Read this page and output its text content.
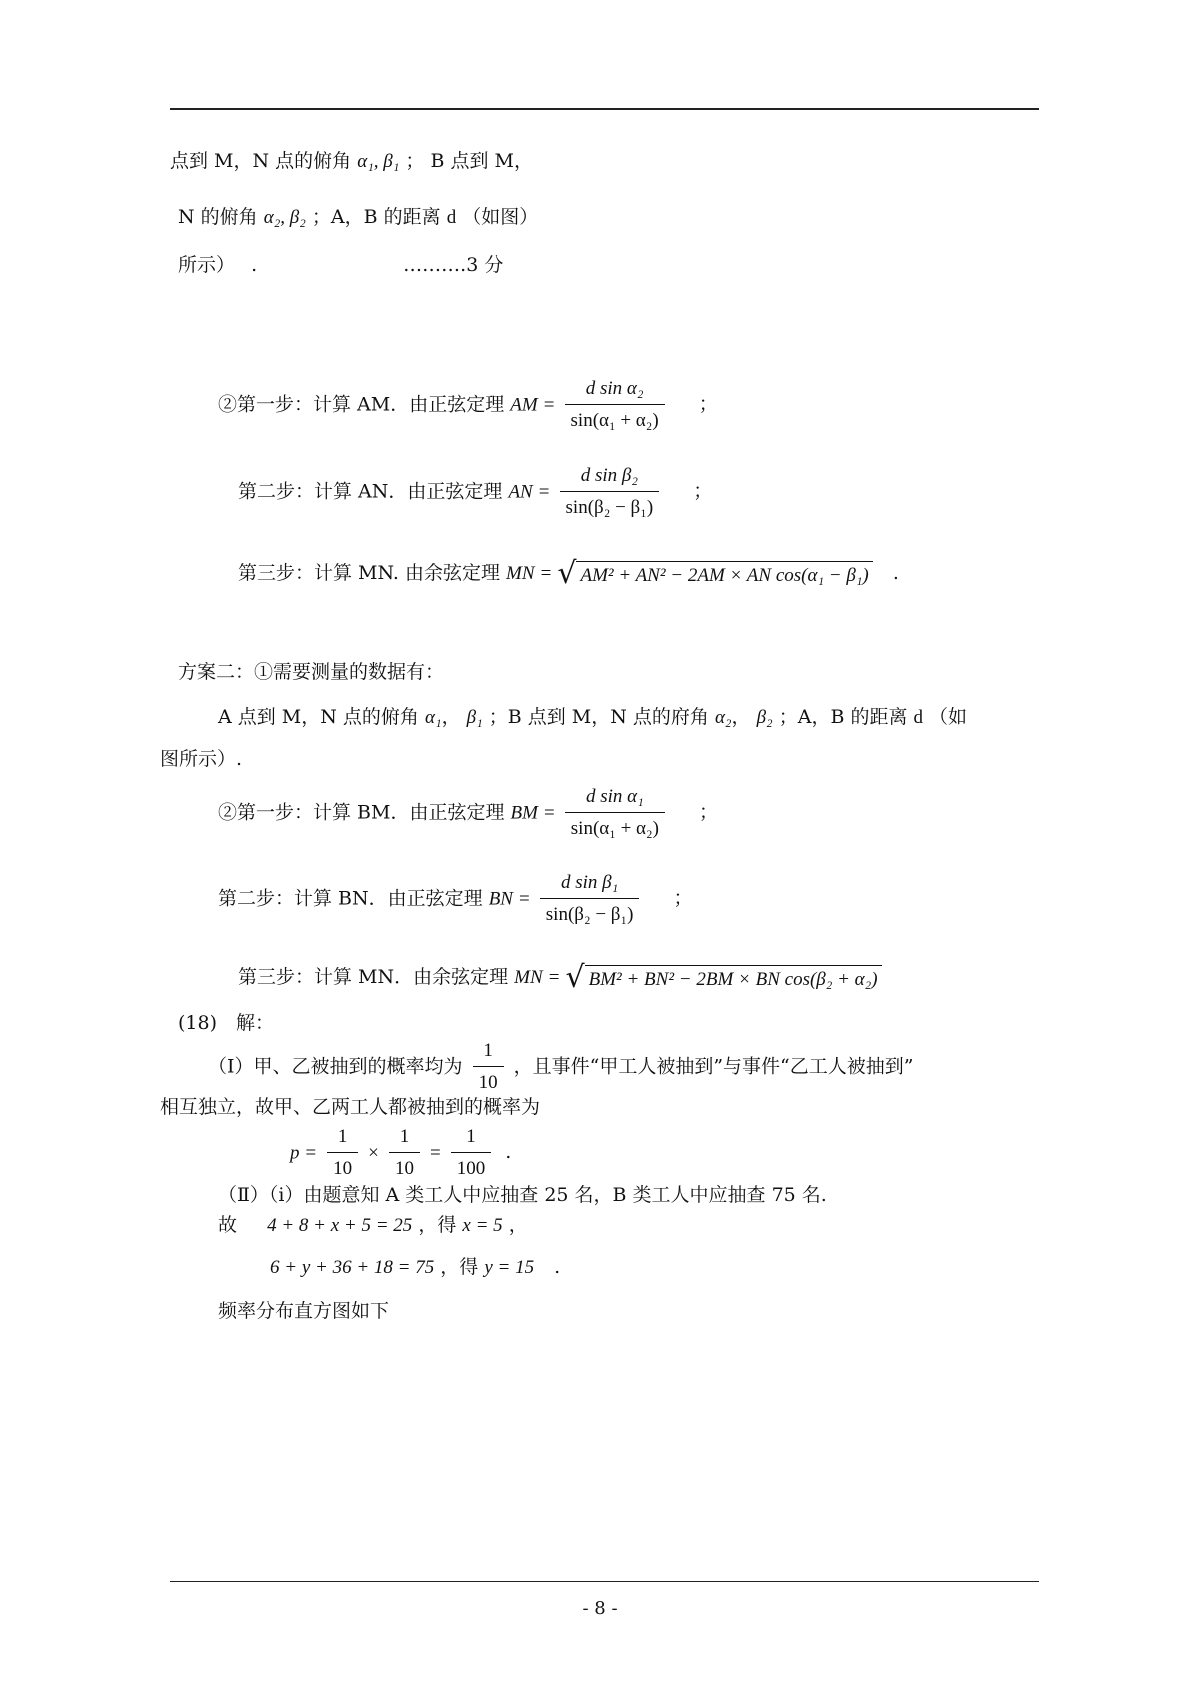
点到 M，N 点的俯角 α₁, β₁ ； B 点到 M，
N 的俯角 α₂, β₂ ；A，B 的距离 d （如图）
所示） .	……….3 分
②第一步：计算 AM．由正弦定理 AM = $\frac{\text{d sin α₂}}{\text{sin(α₁ + α₂)}}$ ；
第二步：计算 AN．由正弦定理 AN = $\frac{\text{d sin β₂}}{\text{sin(β₂ − β₁)}}$ ；
第三步：计算 MN. 由余弦定理 MN = √ AM² + AN² − 2AM × AN cos(α₁ − β₁) .
方案二：①需要测量的数据有：
A 点到 M，N 点的俯角 α₁， β₁ ；B 点到 M，N 点的府角 α₂， β₂ ；A，B 的距离 d （如
图所示）.
②第一步：计算 BM．由正弦定理 BM = $\frac{\text{d sin α₁}}{\text{sin(α₁ + α₂)}}$ ；
第二步：计算 BN．由正弦定理 BN = $\frac{\text{d sin β₁}}{\text{sin(β₂ − β₁)}}$ ；
第三步：计算 MN．由余弦定理 MN = √ BM² + BN² − 2BM × BN cos(β₂ + α₂)
(18)　解：
（Ⅰ）甲、乙被抽到的概率均为 $\frac{1}{10}$ ，且事件“甲工人被抽到”与事件“乙工人被抽到”
相互独立，故甲、乙两工人都被抽到的概率为
$p = \frac{1}{10} \times \frac{1}{10} = \frac{1}{100}$ .
（Ⅱ）（i）由题意知 A 类工人中应抽查 25 名，B 类工人中应抽查 75 名.
故 4 + 8 + x + 5 = 25 ，得 x = 5 ，
6 + y + 36 + 18 = 75 ，得 y = 15 .
频率分布直方图如下
- 8 -
